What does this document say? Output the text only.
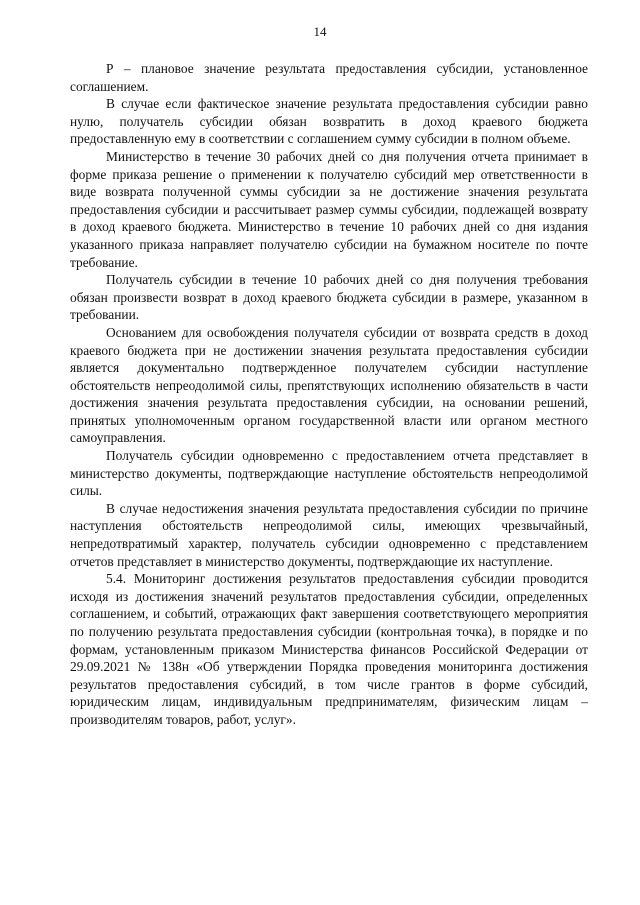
14

Р – плановое значение результата предоставления субсидии, установленное соглашением.

В случае если фактическое значение результата предоставления субсидии равно нулю, получатель субсидии обязан возвратить в доход краевого бюджета предоставленную ему в соответствии с соглашением сумму субсидии в полном объеме.

Министерство в течение 30 рабочих дней со дня получения отчета принимает в форме приказа решение о применении к получателю субсидий мер ответственности в виде возврата полученной суммы субсидии за не достижение значения результата предоставления субсидии и рассчитывает размер суммы субсидии, подлежащей возврату в доход краевого бюджета. Министерство в течение 10 рабочих дней со дня издания указанного приказа направляет получателю субсидии на бумажном носителе по почте требование.

Получатель субсидии в течение 10 рабочих дней со дня получения требования обязан произвести возврат в доход краевого бюджета субсидии в размере, указанном в требовании.

Основанием для освобождения получателя субсидии от возврата средств в доход краевого бюджета при не достижении значения результата предоставления субсидии является документально подтвержденное получателем субсидии наступление обстоятельств непреодолимой силы, препятствующих исполнению обязательств в части достижения значения результата предоставления субсидии, на основании решений, принятых уполномоченным органом государственной власти или органом местного самоуправления.

Получатель субсидии одновременно с предоставлением отчета представляет в министерство документы, подтверждающие наступление обстоятельств непреодолимой силы.

В случае недостижения значения результата предоставления субсидии по причине наступления обстоятельств непреодолимой силы, имеющих чрезвычайный, непредотвратимый характер, получатель субсидии одновременно с представлением отчетов представляет в министерство документы, подтверждающие их наступление.

5.4. Мониторинг достижения результатов предоставления субсидии проводится исходя из достижения значений результатов предоставления субсидии, определенных соглашением, и событий, отражающих факт завершения соответствующего мероприятия по получению результата предоставления субсидии (контрольная точка), в порядке и по формам, установленным приказом Министерства финансов Российской Федерации от 29.09.2021 № 138н «Об утверждении Порядка проведения мониторинга достижения результатов предоставления субсидий, в том числе грантов в форме субсидий, юридическим лицам, индивидуальным предпринимателям, физическим лицам – производителям товаров, работ, услуг».
